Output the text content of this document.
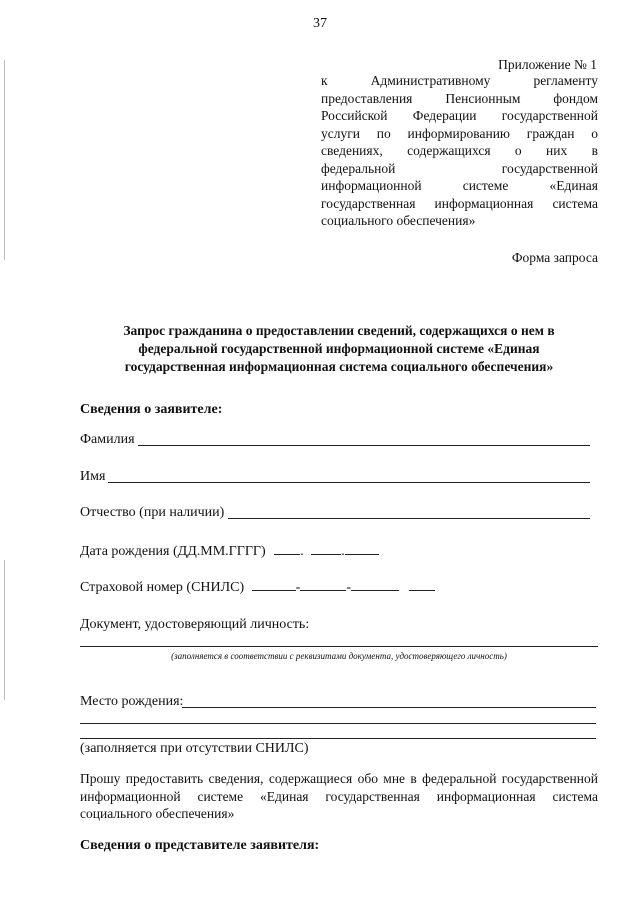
37
Приложение № 1
к Административному регламенту
предоставления Пенсионным фондом
Российской Федерации государственной
услуги по информированию граждан о
сведениях, содержащихся о них в
федеральной государственной
информационной системе «Единая
государственная информационная система
социального обеспечения»
Форма запроса
Запрос гражданина о предоставлении сведений, содержащихся о нем в
федеральной государственной информационной системе «Единая
государственная информационная система социального обеспечения»
Сведения о заявителе:
Фамилия
Имя
Отчество (при наличии)
Дата рождения (ДД.ММ.ГГГГ) .	.
Страховой номер (СНИЛС)	-	-
Документ, удостоверяющий личность:
(заполняется в соответствии с реквизитами документа, удостоверяющего личность)
Место рождения:
(заполняется при отсутствии СНИЛС)
Прошу предоставить сведения, содержащиеся обо мне в федеральной государственной информационной системе «Единая государственная информационная система социального обеспечения»
Сведения о представителе заявителя:
